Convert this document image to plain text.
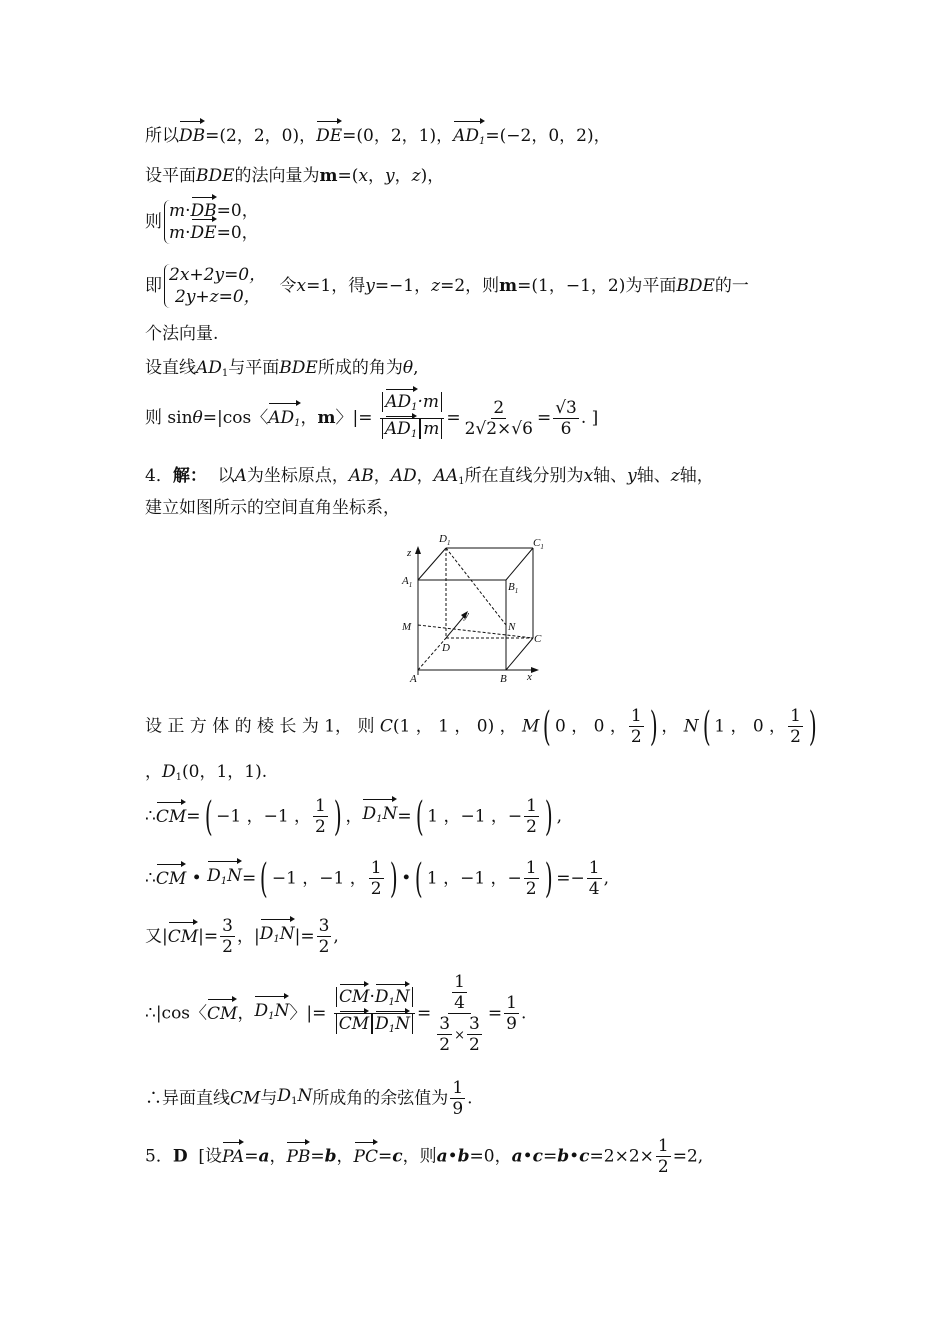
所以DB=(2，2，0)，DE=(0，2，1)，$AD_1=(-2$，0，2)，
设平面BDE的法向量为m=(x，y，z)，
则
m·DB=0，
m·DE=0，
即
2x+2y=0，
2y+z=0，
令x=1，得y=−1，z=2，则m=(1，−1，2)为平面BDE的一
个法向量.
设直线$AD_1$与平面BDE所成的角为θ,
则 sinθ=|cos〈$AD_1$，m〉|= $\frac{AD_1\cdot m}{AD_1 m} = \frac{2}{2√2\times√6} = \frac{√3}{6}$ . ]
4．解： 以A为坐标原点，AB，AD，$AA_1$所在直线分别为x轴、y轴、z轴，
建立如图所示的空间直角坐标系，
z
$D_1$	$C_1$
$A_1$	$B_1$
y
M	N
C
D
A	B x
设 正 方 体 的 棱 长 为 1， 则 C(1 ， 1 ， 0) ， M( 0 ， 0 ， $\frac{1}{2}$ ) ， N( 1 ， 0 ， $\frac{1}{2}$ )
，$D_1(0$，1，1).
∴CM=( −1 ，−1 ， $\frac{1}{2}$ ) ，$D_1N=$( 1 ，−1 ，− $\frac{1}{2}$ ) ,
∴CM • $D_1N=( -1$ ，−1 ， $\frac{1}{2}$ ) •( 1 ，−1 ，− $\frac{1}{2}$ ) =− $\frac{1}{4}$ ,
又$|CM|= \frac{3}{2}$ ，$|D_1N|= \frac{3}{2}$ ,
∴|cos〈CM，$D_1N$〉|= $\frac{CM\cdot D_1N}{CM D_1N} = \frac{\frac{1}{4}}{\frac{3}{2} \times \frac{3}{2}} = \frac{1}{9}$ .
∴异面直线CM与$D_1N$所成角的余弦值为 $\frac{1}{9}$ .
5．D [设PA=a，PB=b，PC=c，则a•b=0，a•c=b•c=2×2× $\frac{1}{2} =2$,
